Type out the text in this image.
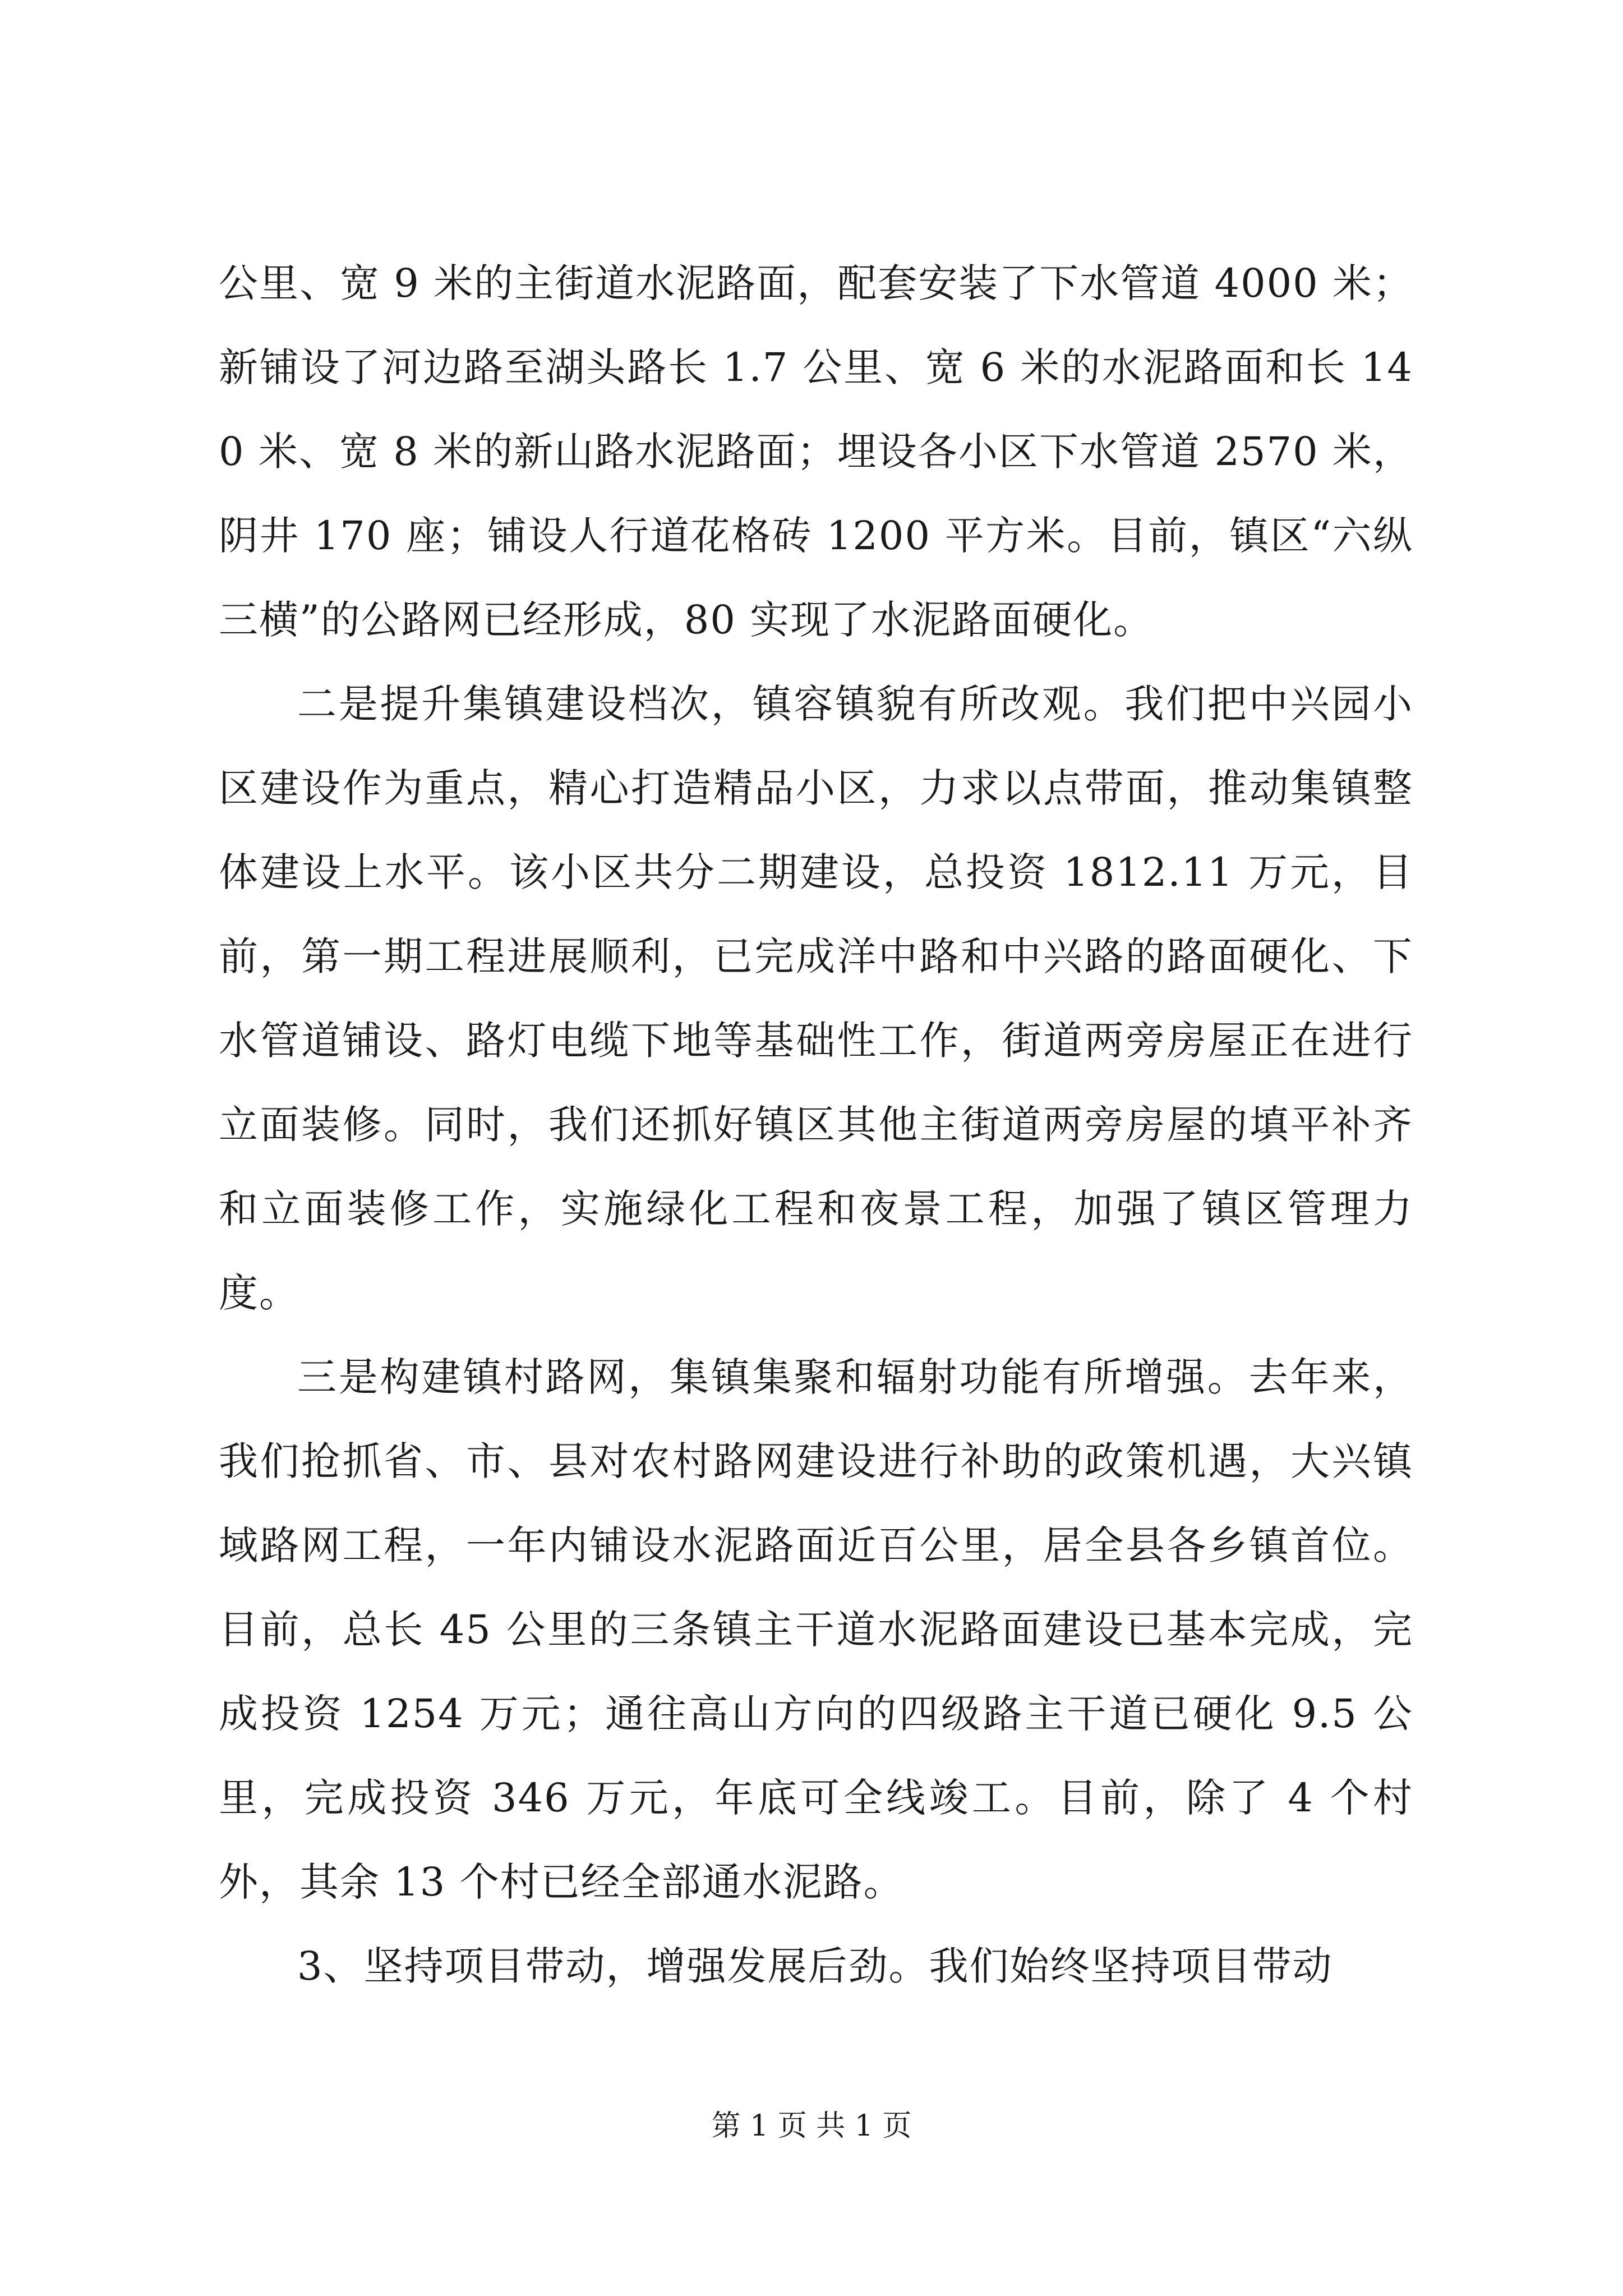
公里、宽 9 米的主街道水泥路面，配套安装了下水管道 4000 米；新铺设了河边路至湖头路长 1.7 公里、宽 6 米的水泥路面和长 140 米、宽 8 米的新山路水泥路面；埋设各小区下水管道 2570 米，阴井 170 座；铺设人行道花格砖 1200 平方米。目前，镇区“六纵三横”的公路网已经形成，80 实现了水泥路面硬化。

二是提升集镇建设档次，镇容镇貌有所改观。我们把中兴园小区建设作为重点，精心打造精品小区，力求以点带面，推动集镇整体建设上水平。该小区共分二期建设，总投资 1812.11 万元，目前，第一期工程进展顺利，已完成洋中路和中兴路的路面硬化、下水管道铺设、路灯电缆下地等基础性工作，街道两旁房屋正在进行立面装修。同时，我们还抓好镇区其他主街道两旁房屋的填平补齐和立面装修工作，实施绿化工程和夜景工程，加强了镇区管理力度。

三是构建镇村路网，集镇集聚和辐射功能有所增强。去年来，我们抢抓省、市、县对农村路网建设进行补助的政策机遇，大兴镇域路网工程，一年内铺设水泥路面近百公里，居全县各乡镇首位。目前，总长 45 公里的三条镇主干道水泥路面建设已基本完成，完成投资 1254 万元；通往高山方向的四级路主干道已硬化 9.5 公里，完成投资 346 万元，年底可全线竣工。目前，除了 4 个村外，其余 13 个村已经全部通水泥路。

3、坚持项目带动，增强发展后劲。我们始终坚持项目带动

第 1 页 共 1 页
